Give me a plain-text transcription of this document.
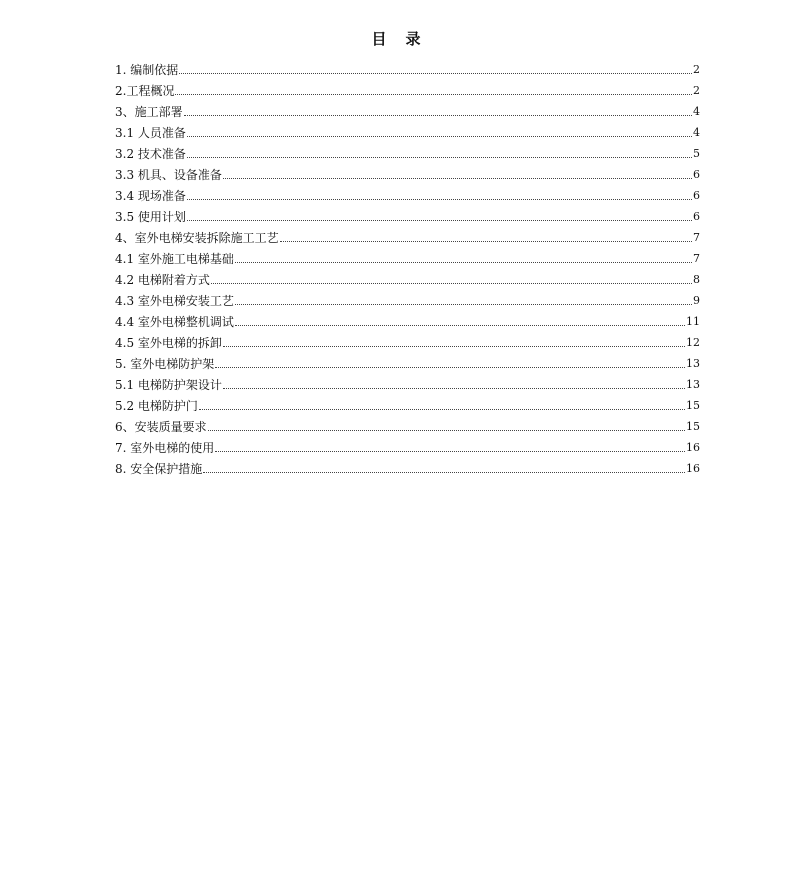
目　录
1. 编制依据	2
2.工程概况	2
3、施工部署	4
3.1 人员准备	4
3.2 技术准备	5
3.3 机具、设备准备	6
3.4 现场准备	6
3.5 使用计划	6
4、室外电梯安装拆除施工工艺	7
4.1 室外施工电梯基础	7
4.2 电梯附着方式	8
4.3 室外电梯安装工艺	9
4.4 室外电梯整机调试	11
4.5 室外电梯的拆卸	12
5. 室外电梯防护架	13
5.1 电梯防护架设计	13
5.2 电梯防护门	15
6、安装质量要求	15
7. 室外电梯的使用	16
8. 安全保护措施	16
